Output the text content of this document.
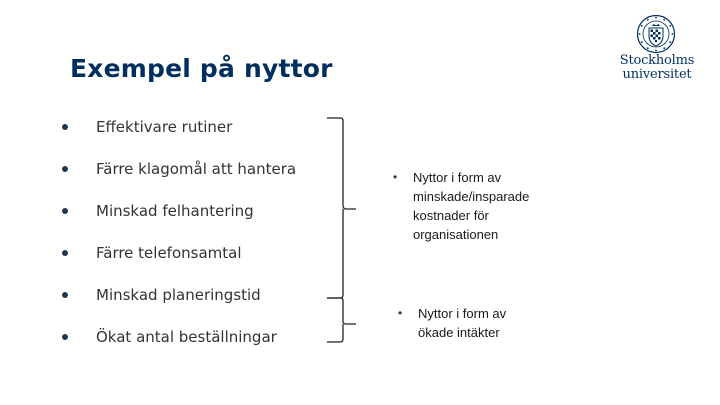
Exempel på nyttor	Stockholms
universitet
Effektivare rutiner
Färre klagomål att hantera
Minskad felhantering
Färre telefonsamtal
Minskad planeringstid
Ökat antal beställningar
• Nyttor i form av
minskade/insparade
kostnader för
organisationen
• Nyttor i form av
ökade intäkter
